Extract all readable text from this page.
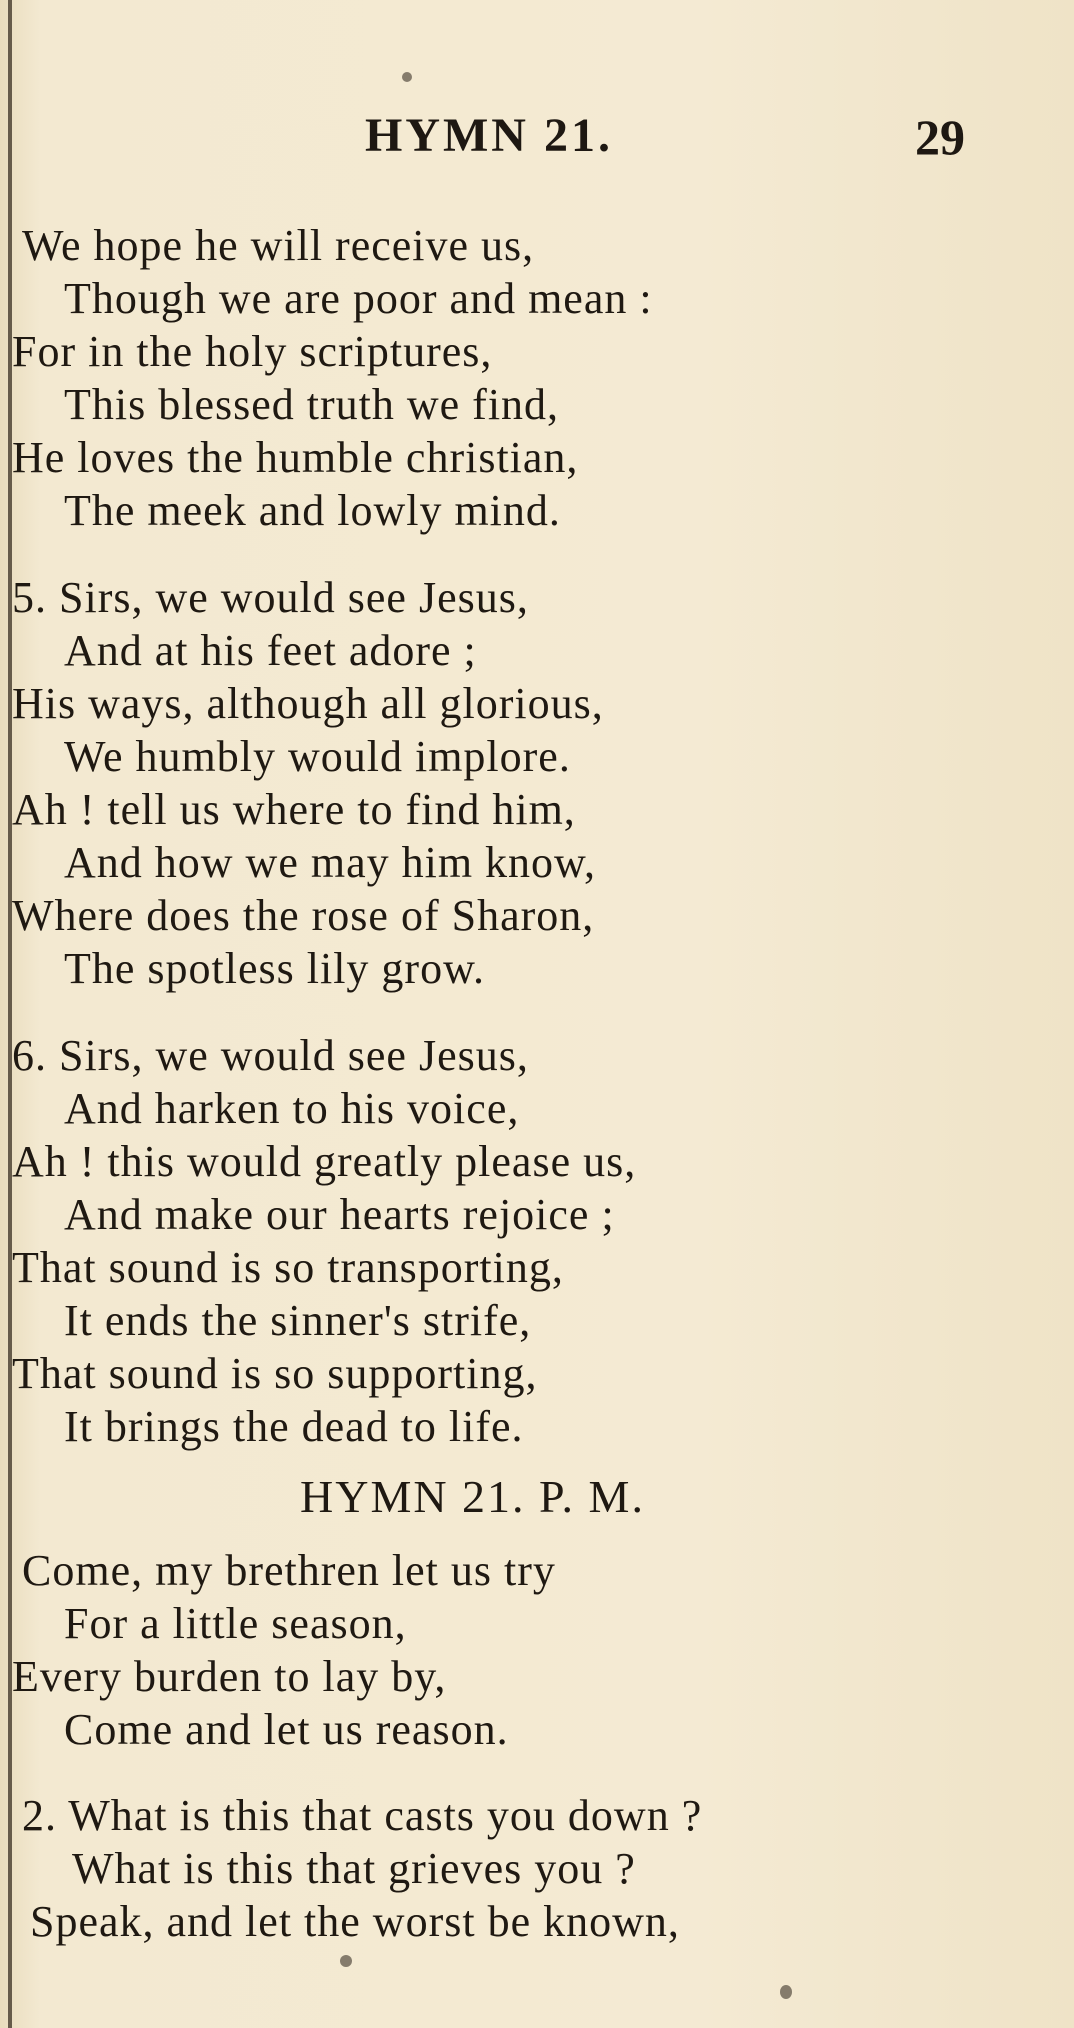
HYMN 21.	29
We hope he will receive us,
Though we are poor and mean :
For in the holy scriptures,
This blessed truth we find,
He loves the humble christian,
The meek and lowly mind.
5. Sirs, we would see Jesus,
And at his feet adore ;
His ways, although all glorious,
We humbly would implore.
Ah ! tell us where to find him,
And how we may him know,
Where does the rose of Sharon,
The spotless lily grow.
6. Sirs, we would see Jesus,
And harken to his voice,
Ah ! this would greatly please us,
And make our hearts rejoice ;
That sound is so transporting,
It ends the sinner's strife,
That sound is so supporting,
It brings the dead to life.
HYMN 21. P. M.
Come, my brethren let us try
For a little season,
Every burden to lay by,
Come and let us reason.
2. What is this that casts you down ?
What is this that grieves you ?
Speak, and let the worst be known,
